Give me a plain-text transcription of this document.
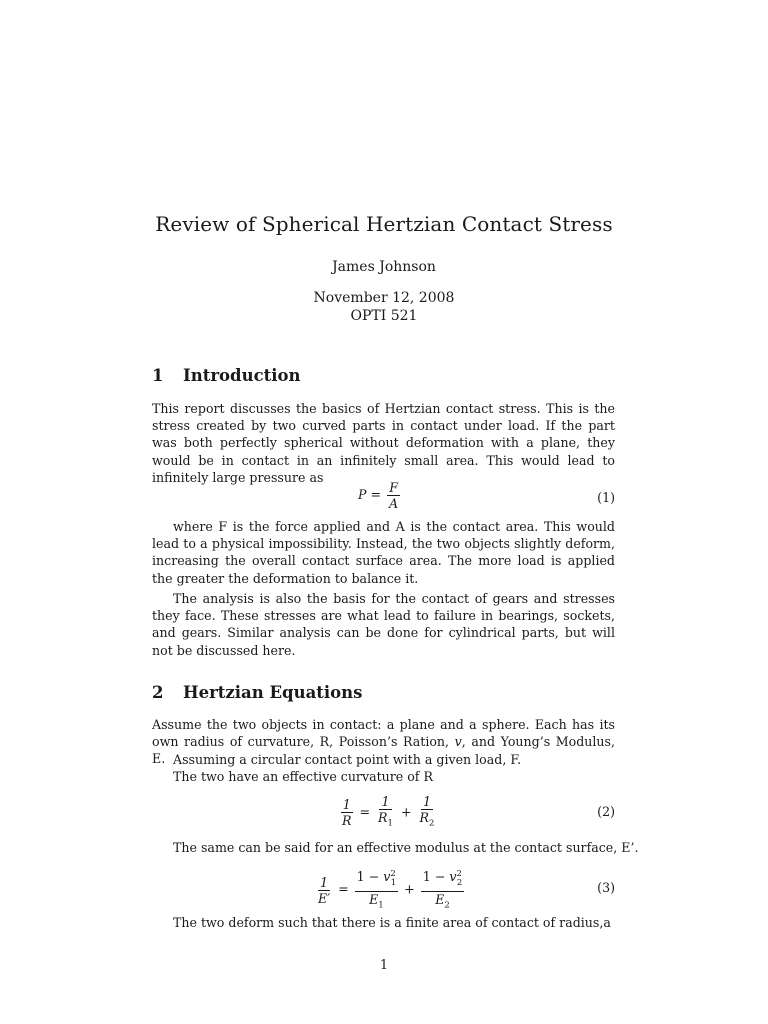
Review of Spherical Hertzian Contact Stress
James Johnson
November 12, 2008
OPTI 521
1 Introduction
This report discusses the basics of Hertzian contact stress. This is the stress created by two curved parts in contact under load. If the part was both perfectly spherical without deformation with a plane, they would be in contact in an infinitely small area. This would lead to infinitely large pressure as
$P = \frac{F}{A}$	(1)
where F is the force applied and A is the contact area. This would lead to a physical impossibility. Instead, the two objects slightly deform, increasing the overall contact surface area. The more load is applied the greater the deformation to balance it.
The analysis is also the basis for the contact of gears and stresses they face. These stresses are what lead to failure in bearings, sockets, and gears. Similar analysis can be done for cylindrical parts, but will not be discussed here.
2 Hertzian Equations
Assume the two objects in contact: a plane and a sphere. Each has its own radius of curvature, R, Poisson’s Ration, v, and Young’s Modulus, E. Assuming a circular contact point with a given load, F.
The two have an effective curvature of R
$\frac{1}{R} = \frac{1}{R_1} + \frac{1}{R_2}$	(2)
The same can be said for an effective modulus at the contact surface, E’.
$\frac{1}{E'} = \frac{1 - v^2_1}{E_1} + \frac{1 - v^2_2}{E_2}$	(3)
The two deform such that there is a finite area of contact of radius,a
1
